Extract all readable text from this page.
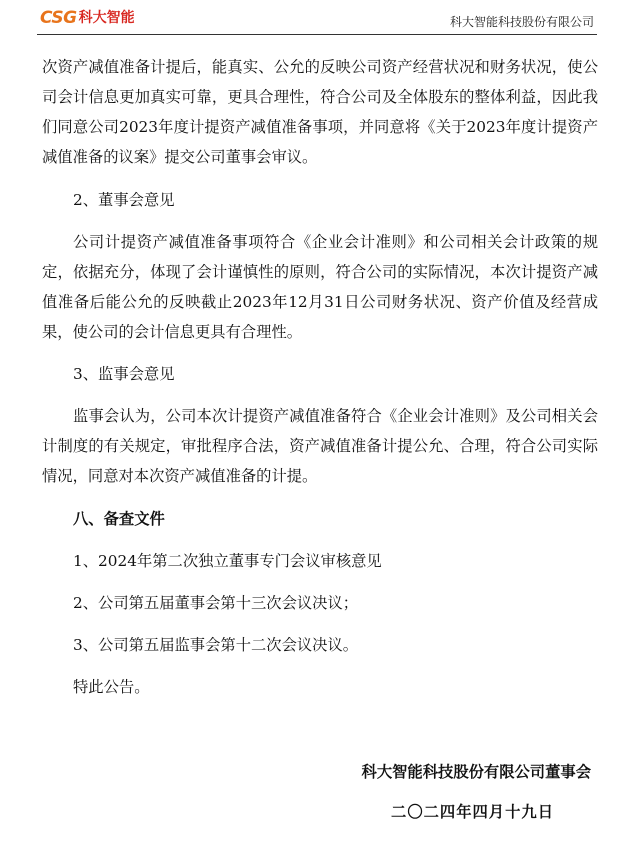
CSG 科大智能	科大智能科技股份有限公司

次资产减值准备计提后，能真实、公允的反映公司资产经营状况和财务状况，使公司会计信息更加真实可靠，更具合理性，符合公司及全体股东的整体利益，因此我们同意公司2023年度计提资产减值准备事项，并同意将《关于2023年度计提资产减值准备的议案》提交公司董事会审议。

2、董事会意见

公司计提资产减值准备事项符合《企业会计准则》和公司相关会计政策的规定，依据充分，体现了会计谨慎性的原则，符合公司的实际情况，本次计提资产减值准备后能公允的反映截止2023年12月31日公司财务状况、资产价值及经营成果，使公司的会计信息更具有合理性。

3、监事会意见

监事会认为，公司本次计提资产减值准备符合《企业会计准则》及公司相关会计制度的有关规定，审批程序合法，资产减值准备计提公允、合理，符合公司实际情况，同意对本次资产减值准备的计提。

八、备查文件

1、2024年第二次独立董事专门会议审核意见

2、公司第五届董事会第十三次会议决议；

3、公司第五届监事会第十二次会议决议。

特此公告。

科大智能科技股份有限公司董事会
二〇二四年四月十九日
